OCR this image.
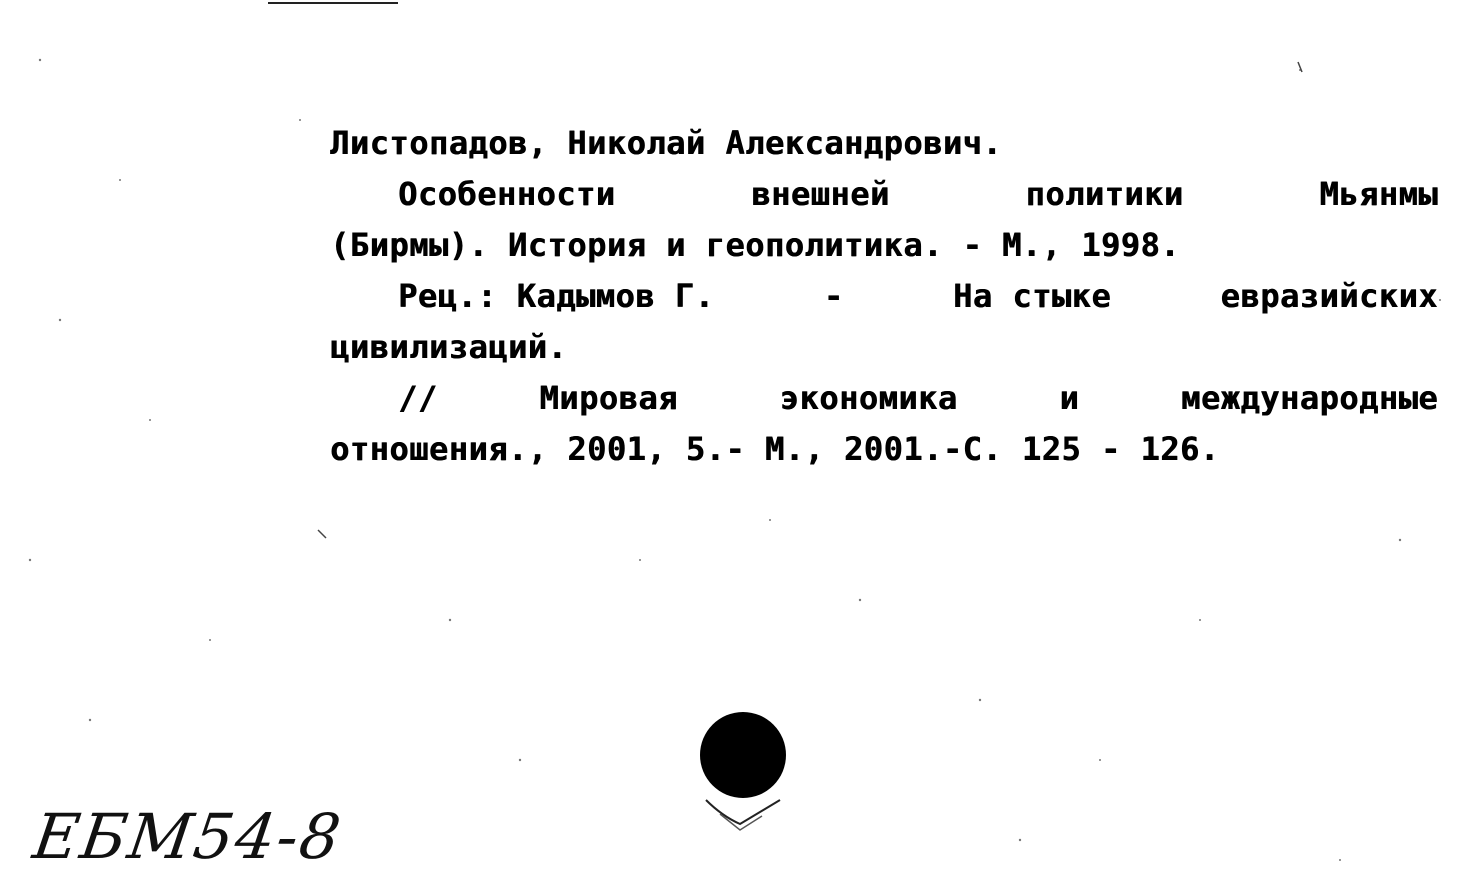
Листопадов, Николай Александрович.
Особенности	внешней	политики	Мьянмы
(Бирмы). История и геополитика. - М., 1998.
Рец.: Кадымов Г.	-	На стыке	евразийских
цивилизаций.
//	Мировая	экономика	и	международные
отношения., 2001, 5.- М., 2001.-С. 125 - 126.
ЕБМ54-8
